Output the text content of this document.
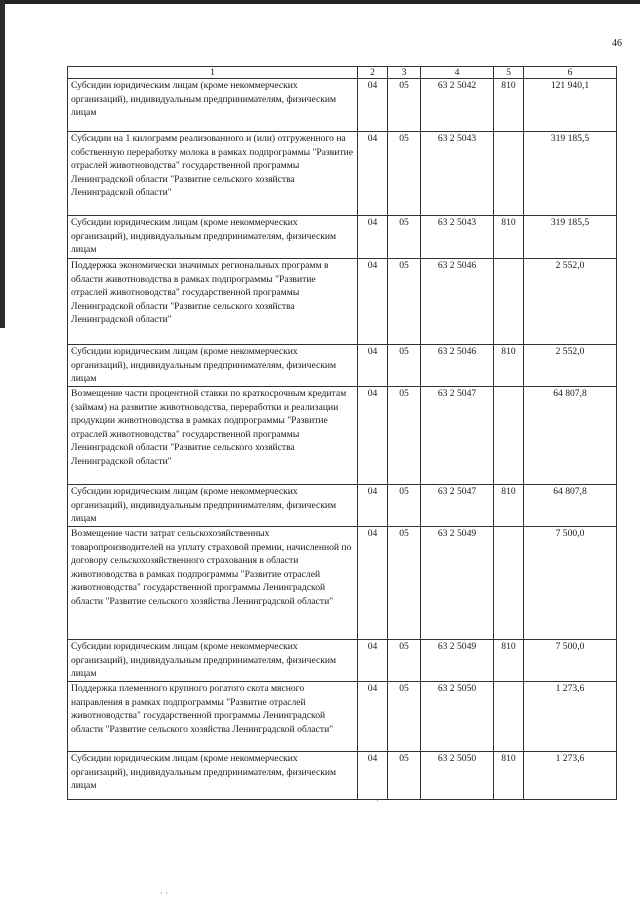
46
1	2	3	4	5	6
Субсидии юридическим лицам (кроме некоммерческих организаций), индивидуальным предпринимателям, физическим лицам	04	05	63 2 5042	810	121 940,1
Субсидии на 1 килограмм реализованного и (или) отгруженного на собственную переработку молока в рамках подпрограммы "Развитие отраслей животноводства" государственной программы Ленинградской области "Развитие сельского хозяйства Ленинградской области"	04	05	63 2 5043		319 185,5
Субсидии юридическим лицам (кроме некоммерческих организаций), индивидуальным предпринимателям, физическим лицам	04	05	63 2 5043	810	319 185,5
Поддержка экономически значимых региональных программ в области животноводства в рамках подпрограммы "Развитие отраслей животноводства" государственной программы Ленинградской области "Развитие сельского хозяйства Ленинградской области"	04	05	63 2 5046		2 552,0
Субсидии юридическим лицам (кроме некоммерческих организаций), индивидуальным предпринимателям, физическим лицам	04	05	63 2 5046	810	2 552,0
Возмещение части процентной ставки по краткосрочным кредитам (займам) на развитие животноводства, переработки и реализации продукции животноводства в рамках подпрограммы "Развитие отраслей животноводства" государственной программы Ленинградской области "Развитие сельского хозяйства Ленинградской области"	04	05	63 2 5047		64 807,8
Субсидии юридическим лицам (кроме некоммерческих организаций), индивидуальным предпринимателям, физическим лицам	04	05	63 2 5047	810	64 807,8
Возмещение части затрат сельскохозяйственных товаропроизводителей на уплату страховой премии, начисленной по договору сельскохозяйственного страхования в области животноводства в рамках подпрограммы "Развитие отраслей животноводства" государственной программы Ленинградской области "Развитие сельского хозяйства Ленинградской области"	04	05	63 2 5049		7 500,0
Субсидии юридическим лицам (кроме некоммерческих организаций), индивидуальным предпринимателям, физическим лицам	04	05	63 2 5049	810	7 500,0
Поддержка племенного крупного рогатого скота мясного направления в рамках подпрограммы "Развитие отраслей животноводства" государственной программы Ленинградской области "Развитие сельского хозяйства Ленинградской области"	04	05	63 2 5050		1 273,6
Субсидии юридическим лицам (кроме некоммерческих организаций), индивидуальным предпринимателям, физическим лицам	04	05	63 2 5050	810	1 273,6
·
· ·
